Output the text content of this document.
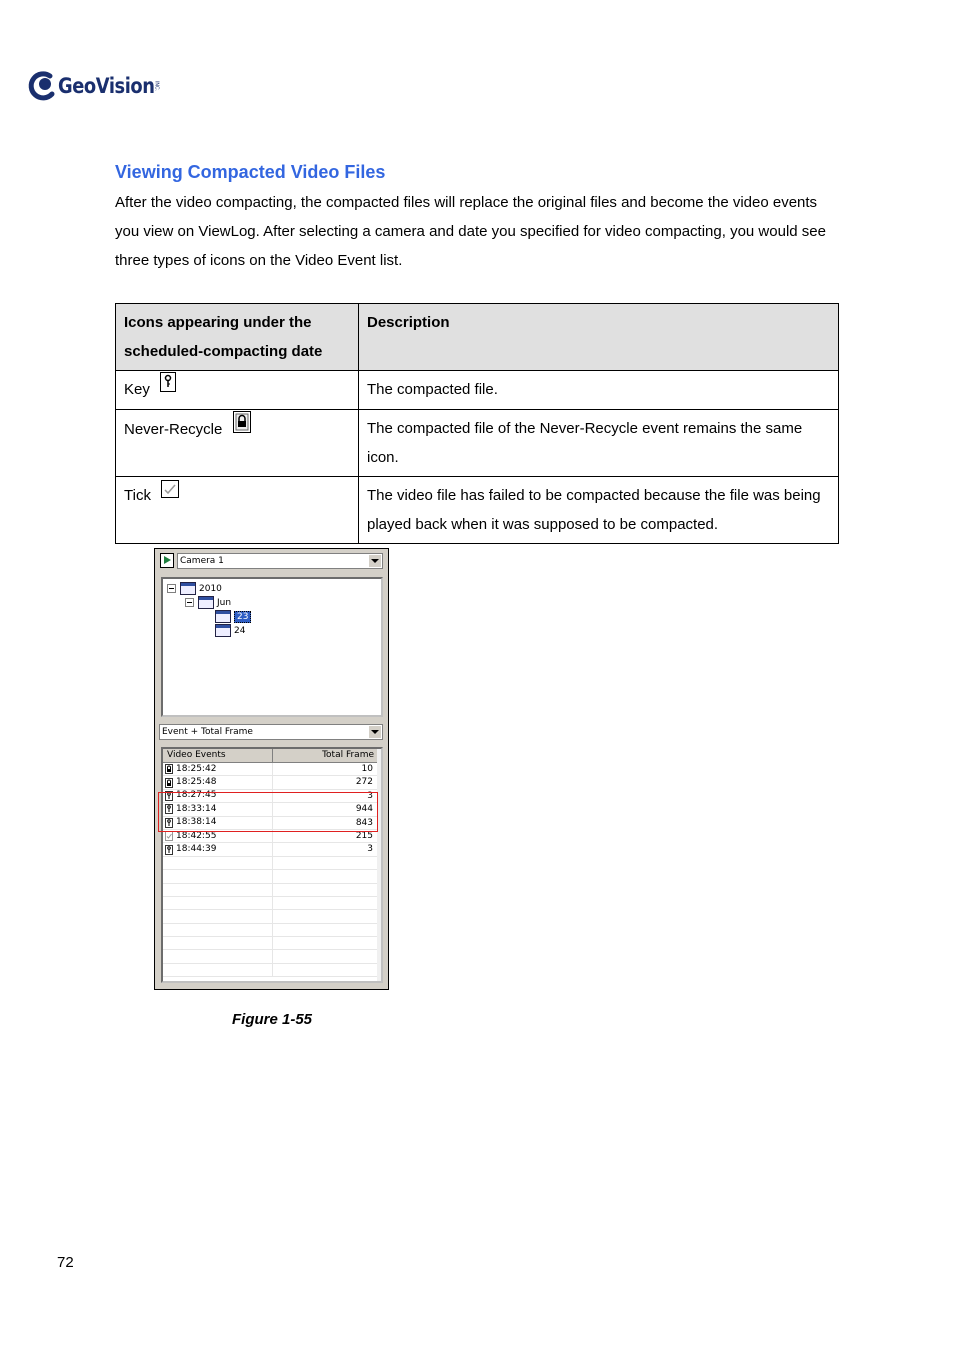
GeoVision INC.
Viewing Compacted Video Files
After the video compacting, the compacted files will replace the original files and become the video events you view on ViewLog. After selecting a camera and date you specified for video compacting, you would see three types of icons on the Video Event list.
Icons appearing under the scheduled-compacting date	Description
Key	The compacted file.
Never-Recycle	The compacted file of the Never-Recycle event remains the same icon.
Tick	The video file has failed to be compacted because the file was being played back when it was supposed to be compacted.
Camera 1
2010
Jun
23
24
Event + Total Frame
Video Events	Total Frame
18:25:42	10
18:25:48	272
18:27:45	3
18:33:14	944
18:38:14	843
18:42:55	215
18:44:39	3
Figure 1-55
72
